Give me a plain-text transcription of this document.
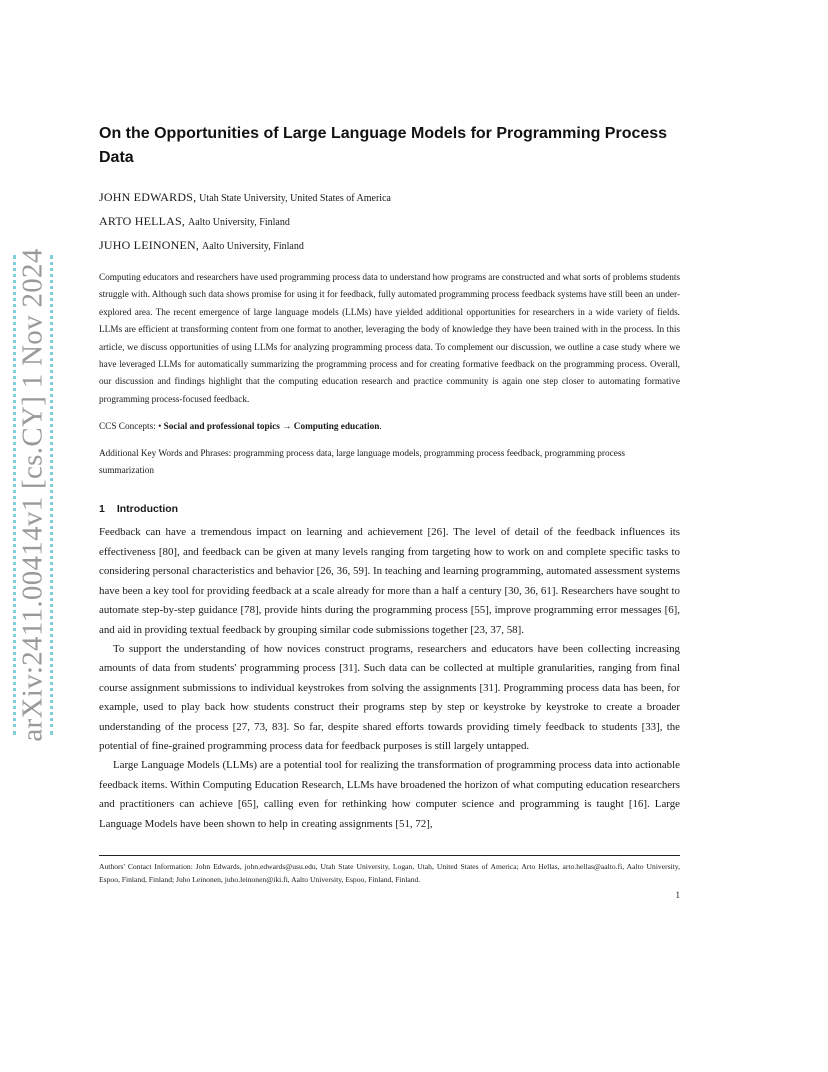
arXiv:2411.00414v1 [cs.CY] 1 Nov 2024
On the Opportunities of Large Language Models for Programming Process Data
JOHN EDWARDS, Utah State University, United States of America
ARTO HELLAS, Aalto University, Finland
JUHO LEINONEN, Aalto University, Finland
Computing educators and researchers have used programming process data to understand how programs are constructed and what sorts of problems students struggle with. Although such data shows promise for using it for feedback, fully automated programming process feedback systems have still been an under-explored area. The recent emergence of large language models (LLMs) have yielded additional opportunities for researchers in a wide variety of fields. LLMs are efficient at transforming content from one format to another, leveraging the body of knowledge they have been trained with in the process. In this article, we discuss opportunities of using LLMs for analyzing programming process data. To complement our discussion, we outline a case study where we have leveraged LLMs for automatically summarizing the programming process and for creating formative feedback on the programming process. Overall, our discussion and findings highlight that the computing education research and practice community is again one step closer to automating formative programming process-focused feedback.
CCS Concepts: • Social and professional topics → Computing education.
Additional Key Words and Phrases: programming process data, large language models, programming process feedback, programming process summarization
1 Introduction

Feedback can have a tremendous impact on learning and achievement [26]. The level of detail of the feedback influences its effectiveness [80], and feedback can be given at many levels ranging from targeting how to work on and complete specific tasks to considering personal characteristics and behavior [26, 36, 59]. In teaching and learning programming, automated assessment systems have been a key tool for providing feedback at a scale already for more than a half a century [30, 36, 61]. Researchers have sought to automate step-by-step guidance [78], provide hints during the programming process [55], improve programming error messages [6], and aid in providing textual feedback by grouping similar code submissions together [23, 37, 58].

To support the understanding of how novices construct programs, researchers and educators have been collecting increasing amounts of data from students' programming process [31]. Such data can be collected at multiple granularities, ranging from final course assignment submissions to individual keystrokes from solving the assignments [31]. Programming process data has been, for example, used to play back how students construct their programs step by step or keystroke by keystroke to create a broader understanding of the process [27, 73, 83]. So far, despite shared efforts towards providing timely feedback to students [33], the potential of fine-grained programming process data for feedback purposes is still largely untapped.

Large Language Models (LLMs) are a potential tool for realizing the transformation of programming process data into actionable feedback items. Within Computing Education Research, LLMs have broadened the horizon of what computing education researchers and practitioners can achieve [65], calling even for rethinking how computer science and programming is taught [16]. Large Language Models have been shown to help in creating assignments [51, 72],

Authors' Contact Information: John Edwards, john.edwards@usu.edu, Utah State University, Logan, Utah, United States of America; Arto Hellas, arto.hellas@aalto.fi, Aalto University, Espoo, Finland, Finland; Juho Leinonen, juho.leinonen@iki.fi, Aalto University, Espoo, Finland, Finland.
1
